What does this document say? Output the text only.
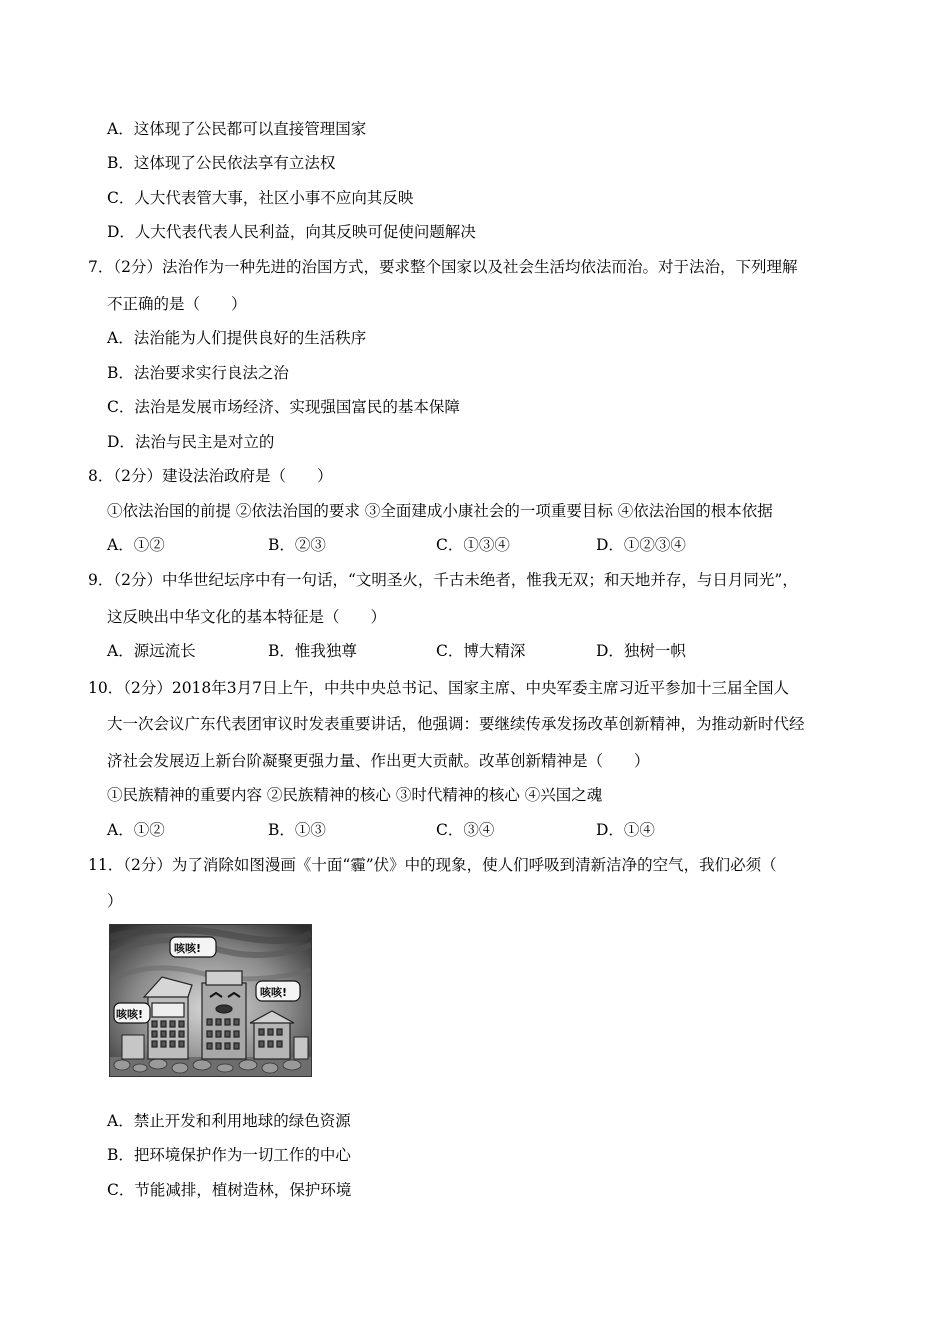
A．这体现了公民都可以直接管理国家
B．这体现了公民依法享有立法权
C．人大代表管大事，社区小事不应向其反映
D．人大代表代表人民利益，向其反映可促使问题解决
7．（2分）法治作为一种先进的治国方式，要求整个国家以及社会生活均依法而治。对于法治，下列理解
不正确的是（　　）
A．法治能为人们提供良好的生活秩序
B．法治要求实行良法之治
C．法治是发展市场经济、实现强国富民的基本保障
D．法治与民主是对立的
8．（2分）建设法治政府是（　　）
①依法治国的前提 ②依法治国的要求 ③全面建成小康社会的一项重要目标 ④依法治国的根本依据
A．①②	B．②③	C．①③④	D．①②③④
9．（2分）中华世纪坛序中有一句话，“文明圣火，千古未绝者，惟我无双；和天地并存，与日月同光”，
这反映出中华文化的基本特征是（　　）
A．源远流长	B．惟我独尊	C．博大精深	D．独树一帜
10．（2分）2018年3月7日上午，中共中央总书记、国家主席、中央军委主席习近平参加十三届全国人
大一次会议广东代表团审议时发表重要讲话，他强调：要继续传承发扬改革创新精神，为推动新时代经
济社会发展迈上新台阶凝聚更强力量、作出更大贡献。改革创新精神是（　　）
①民族精神的重要内容 ②民族精神的核心 ③时代精神的核心 ④兴国之魂
A．①②	B．①③	C．③④	D．①④
11．（2分）为了消除如图漫画《十面“霾”伏》中的现象，使人们呼吸到清新洁净的空气，我们必须（
）
咳咳!
咳咳!
咳咳!
A．禁止开发和利用地球的绿色资源
B．把环境保护作为一切工作的中心
C．节能减排，植树造林，保护环境
